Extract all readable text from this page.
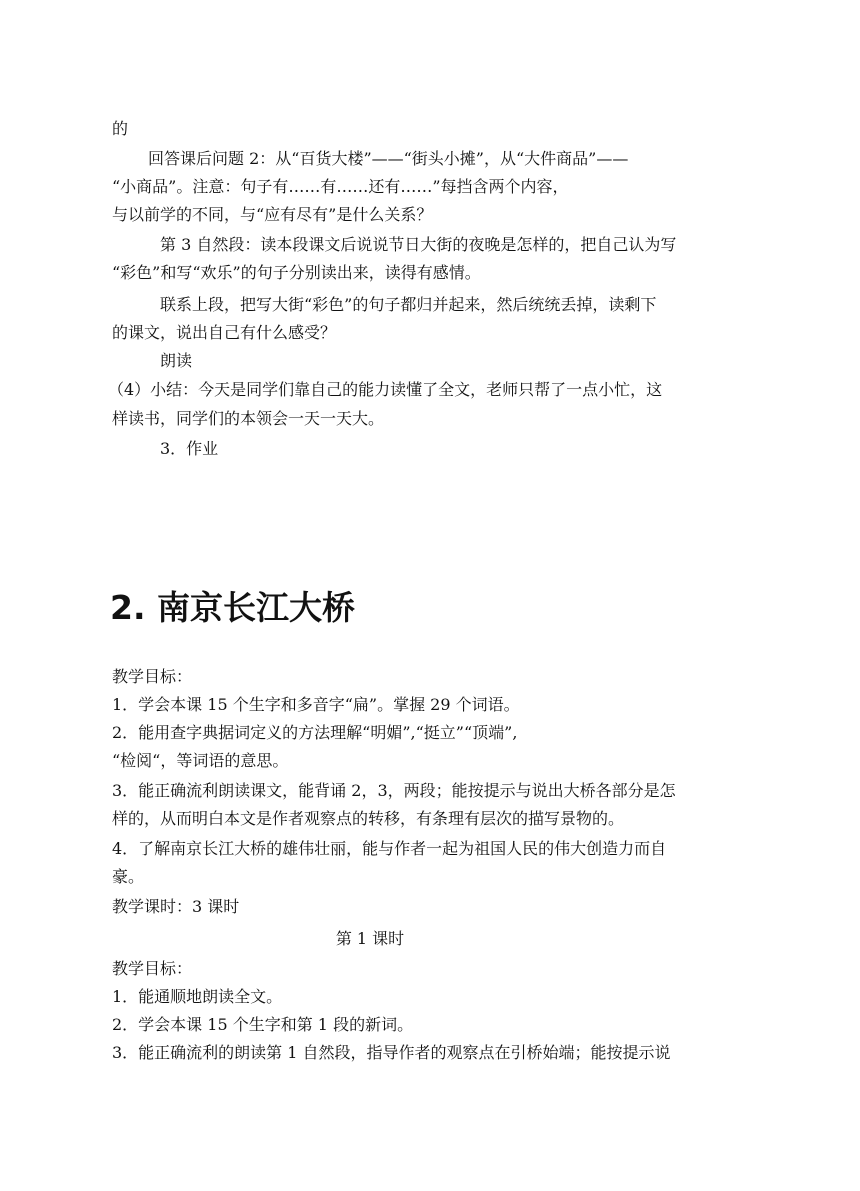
的
回答课后问题 2：从“百货大楼”——“街头小摊”，从“大件商品”——
“小商品”。注意：句子有……有……还有……”每挡含两个内容，
与以前学的不同，与“应有尽有”是什么关系？
第 3 自然段：读本段课文后说说节日大街的夜晚是怎样的，把自己认为写
“彩色”和写“欢乐”的句子分别读出来，读得有感情。
联系上段，把写大街“彩色”的句子都归并起来，然后统统丢掉，读剩下
的课文，说出自己有什么感受？
朗读
（4）小结：今天是同学们靠自己的能力读懂了全文，老师只帮了一点小忙，这
样读书，同学们的本领会一天一天大。
3．作业
2. 南京长江大桥
教学目标：
1．学会本课 15 个生字和多音字“扁”。掌握 29 个词语。
2．能用查字典据词定义的方法理解“明媚”,“挺立”“顶端”,
“检阅“，等词语的意思。
3．能正确流利朗读课文，能背诵 2，3，两段；能按提示与说出大桥各部分是怎
样的，从而明白本文是作者观察点的转移，有条理有层次的描写景物的。
4．了解南京长江大桥的雄伟壮丽，能与作者一起为祖国人民的伟大创造力而自
豪。
教学课时：3 课时
第 1 课时
教学目标：
1．能通顺地朗读全文。
2．学会本课 15 个生字和第 1 段的新词。
3．能正确流利的朗读第 1 自然段，指导作者的观察点在引桥始端；能按提示说
